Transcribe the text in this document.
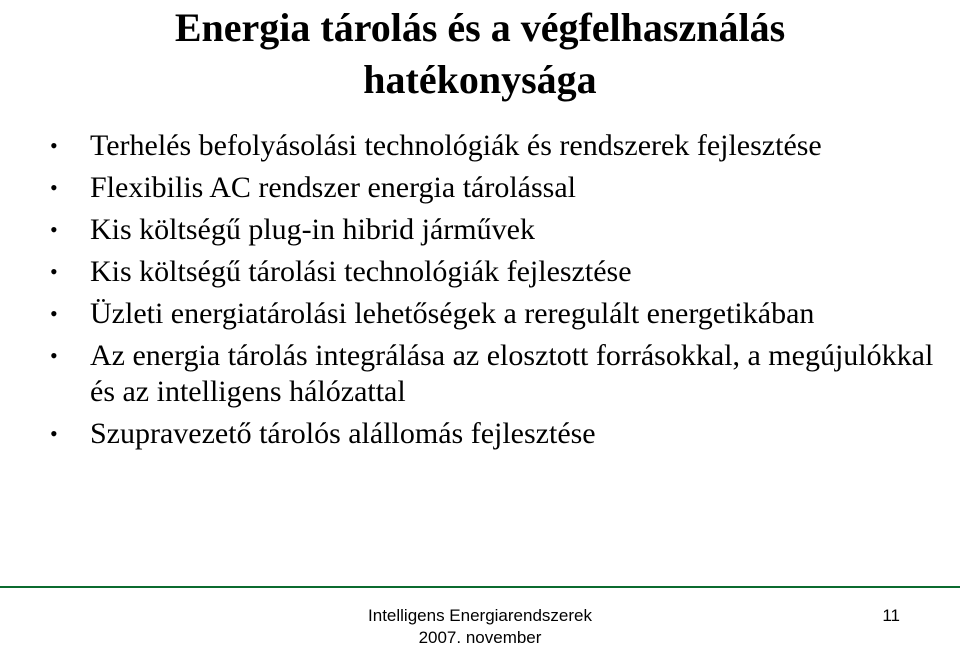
Energia tárolás és a végfelhasználás
hatékonysága
• Terhelés befolyásolási technológiák és rendszerek fejlesztése
• Flexibilis AC rendszer energia tárolással
• Kis költségű plug-in hibrid járművek
• Kis költségű tárolási technológiák fejlesztése
• Üzleti energiatárolási lehetőségek a reregulált energetikában
• Az energia tárolás integrálása az elosztott forrásokkal, a megújulókkal és az intelligens hálózattal
• Szupravezető tárolós alállomás fejlesztése
Intelligens Energiarendszerek
2007. november
11
